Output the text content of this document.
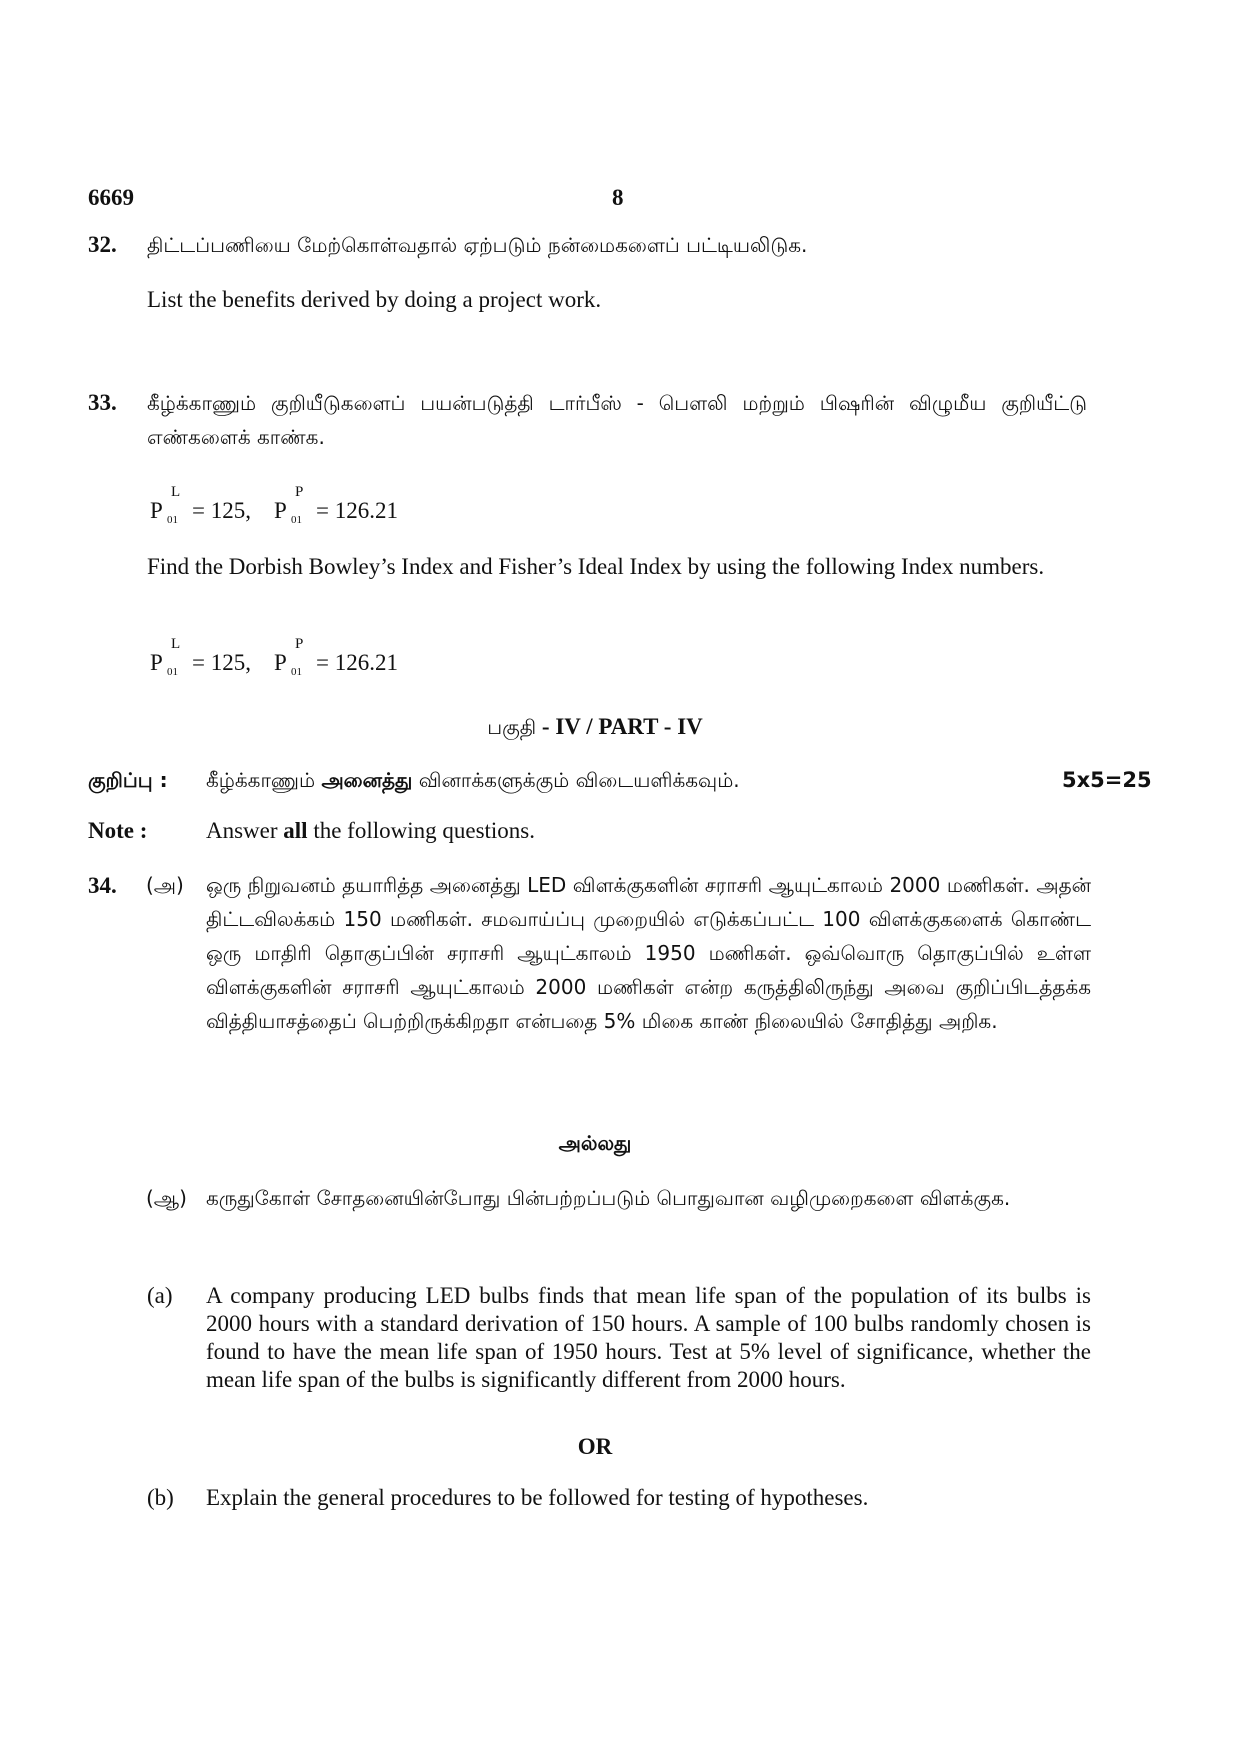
6669	8
32. திட்டப்பணியை மேற்கொள்வதால் ஏற்படும் நன்மைகளைப் பட்டியலிடுக.
List the benefits derived by doing a project work.
33. கீழ்க்காணும் குறியீடுகளைப் பயன்படுத்தி டார்பீஸ் - பௌலி மற்றும் பிஷரின் விழுமீய குறியீட்டு எண்களைக் காண்க.
P
L
01 = 125, P
P
01 = 126.21
Find the Dorbish Bowley’s Index and Fisher’s Ideal Index by using the following Index numbers.
P
L
01 = 125, P
P
01 = 126.21
பகுதி - IV / PART - IV
குறிப்பு : கீழ்க்காணும் அனைத்து வினாக்களுக்கும் விடையளிக்கவும்.	5x5=25
Note :	Answer all the following questions.
34. (அ) ஒரு நிறுவனம் தயாரித்த அனைத்து LED விளக்குகளின் சராசரி ஆயுட்காலம் 2000 மணிகள். அதன் திட்டவிலக்கம் 150 மணிகள். சமவாய்ப்பு முறையில் எடுக்கப்பட்ட 100 விளக்குகளைக் கொண்ட ஒரு மாதிரி தொகுப்பின் சராசரி ஆயுட்காலம் 1950 மணிகள். ஒவ்வொரு தொகுப்பில் உள்ள விளக்குகளின் சராசரி ஆயுட்காலம் 2000 மணிகள் என்ற கருத்திலிருந்து அவை குறிப்பிடத்தக்க வித்தியாசத்தைப் பெற்றிருக்கிறதா என்பதை 5% மிகை காண் நிலையில் சோதித்து அறிக.
அல்லது
(ஆ) கருதுகோள் சோதனையின்போது பின்பற்றப்படும் பொதுவான வழிமுறைகளை விளக்குக.
(a) A company producing LED bulbs finds that mean life span of the population of its bulbs is 2000 hours with a standard derivation of 150 hours. A sample of 100 bulbs randomly chosen is found to have the mean life span of 1950 hours. Test at 5% level of significance, whether the mean life span of the bulbs is significantly different from 2000 hours.
OR
(b) Explain the general procedures to be followed for testing of hypotheses.
